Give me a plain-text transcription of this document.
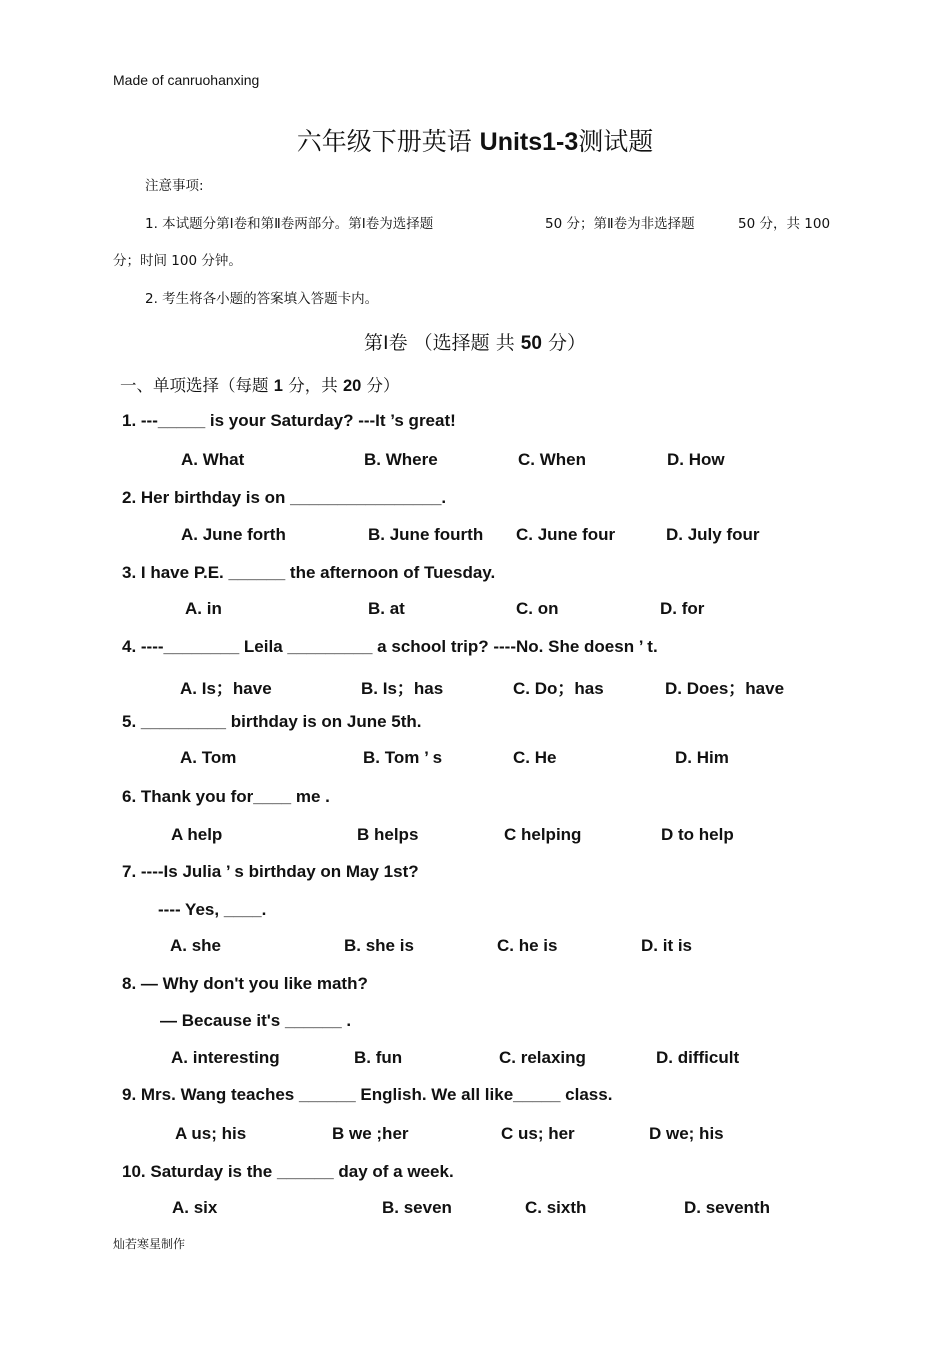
Made of canruohanxing
六年级下册英语 Units1-3测试题
注意事项:
1. 本试题分第Ⅰ卷和第Ⅱ卷两部分。第Ⅰ卷为选择题	50 分；第Ⅱ卷为非选择题	50 分，共 100
分；时间 100 分钟。
2. 考生将各小题的答案填入答题卡内。
第Ⅰ卷 （选择题 共 50 分）
一、单项选择（每题 1 分，共 20 分）
1. ---_____ is your Saturday? ---It ’s great!
A. What	B. Where	C. When	D. How
2. Her birthday is on ________________.
A. June forth	B. June fourth C. June four	D. July four
3. I have P.E. ______ the afternoon of Tuesday.
A. in	B. at	C. on	D. for
4. ----________ Leila _________ a school trip? ----No. She doesn ’ t.
A. Is；have	B. Is；has	C. Do；has	D. Does；have
5. _________ birthday is on June 5th.
A. Tom	B. Tom ’ s	C. He	D. Him
6. Thank you for____ me .
A help	B helps	C helping	D to help
7. ----Is Julia ’ s birthday on May 1st?
---- Yes, ____.
A. she	B. she is	C. he is	D. it is
8. — Why don't you like math?
— Because it's ______ .
A. interesting	B. fun	C. relaxing	D. difficult
9. Mrs. Wang teaches ______ English. We all like_____ class.
A us; his	B we ;her	C us; her	D we; his
10. Saturday is the ______ day of a week.
A. six	B. seven	C. sixth	D. seventh
灿若寒星制作
